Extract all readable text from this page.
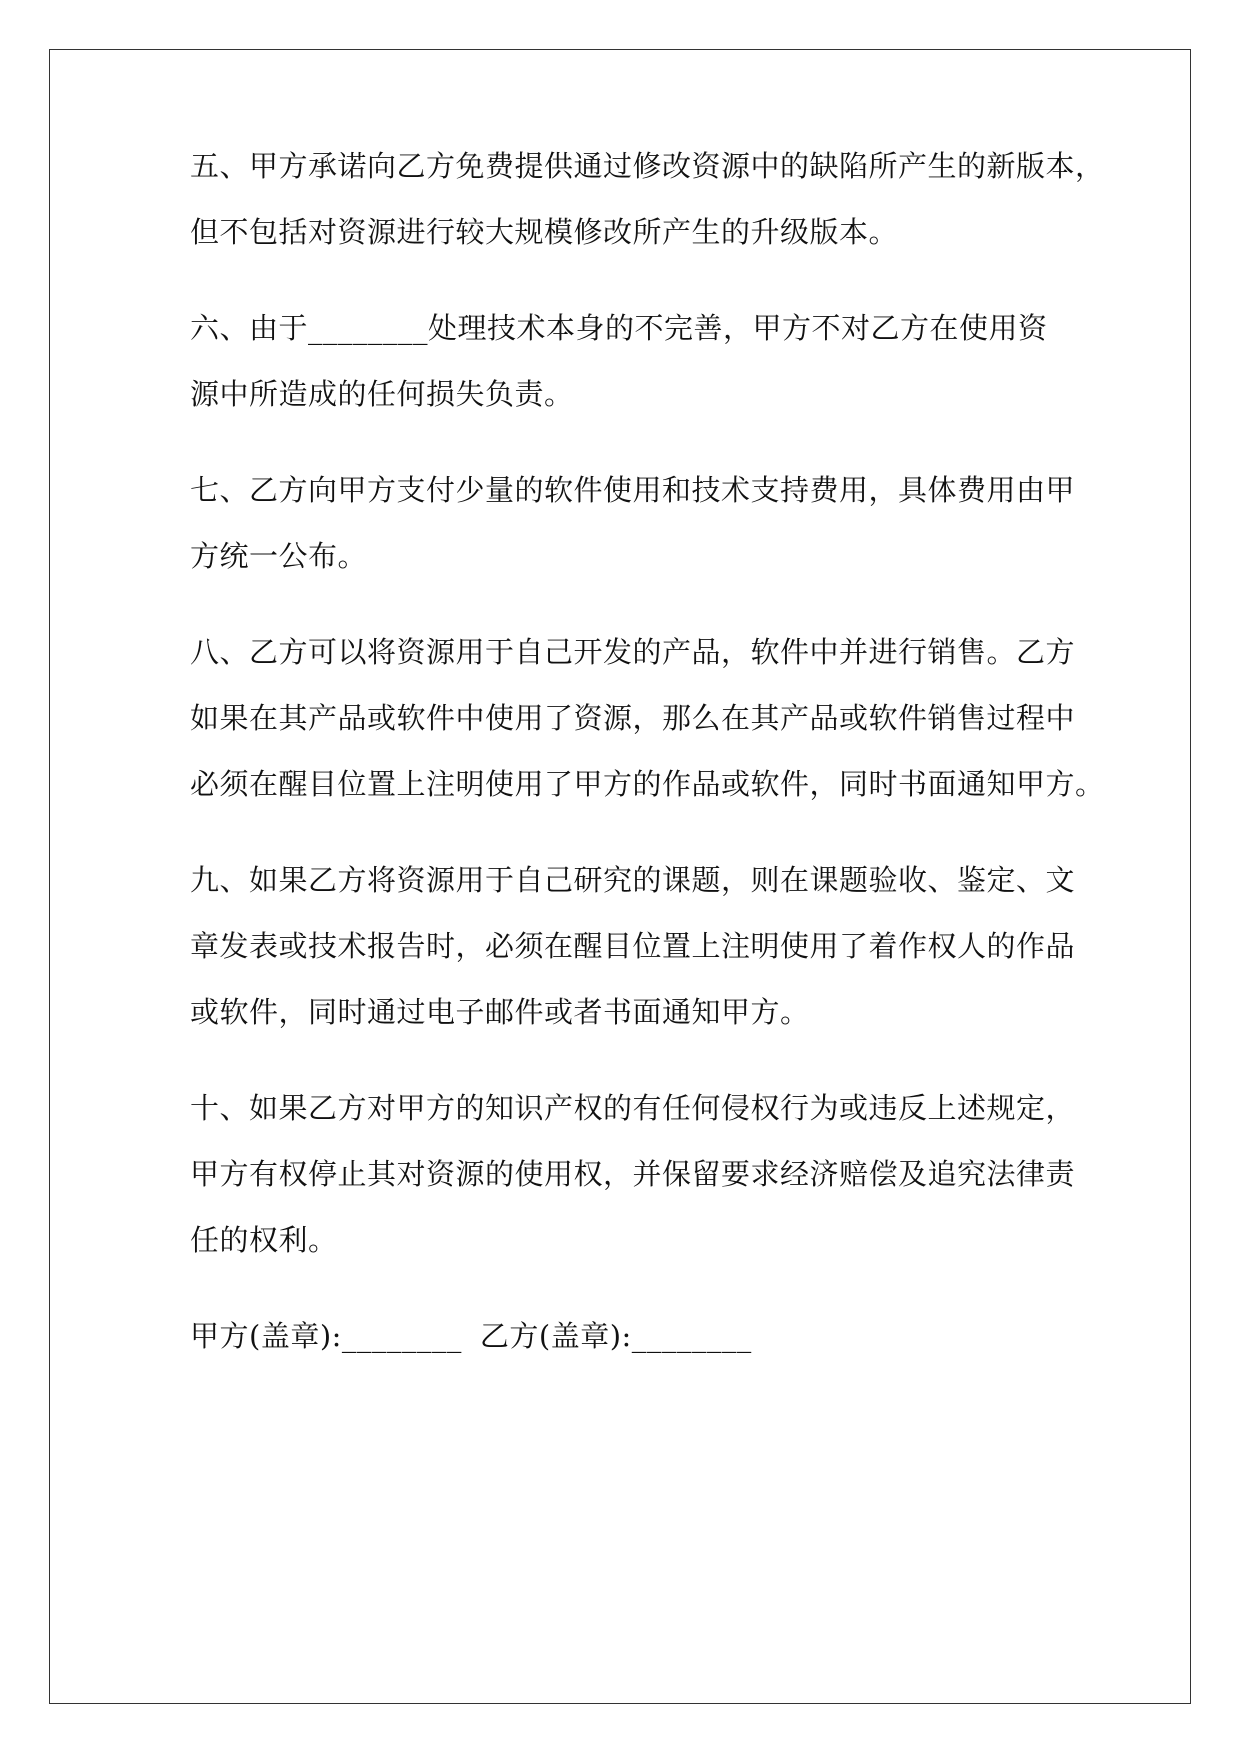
五、甲方承诺向乙方免费提供通过修改资源中的缺陷所产生的新版本，
但不包括对资源进行较大规模修改所产生的升级版本。
六、由于________处理技术本身的不完善，甲方不对乙方在使用资
源中所造成的任何损失负责。
七、乙方向甲方支付少量的软件使用和技术支持费用，具体费用由甲
方统一公布。
八、乙方可以将资源用于自己开发的产品，软件中并进行销售。乙方
如果在其产品或软件中使用了资源，那么在其产品或软件销售过程中
必须在醒目位置上注明使用了甲方的作品或软件，同时书面通知甲方。
九、如果乙方将资源用于自己研究的课题，则在课题验收、鉴定、文
章发表或技术报告时，必须在醒目位置上注明使用了着作权人的作品
或软件，同时通过电子邮件或者书面通知甲方。
十、如果乙方对甲方的知识产权的有任何侵权行为或违反上述规定，
甲方有权停止其对资源的使用权，并保留要求经济赔偿及追究法律责
任的权利。
甲方(盖章):________ 乙方(盖章):________
